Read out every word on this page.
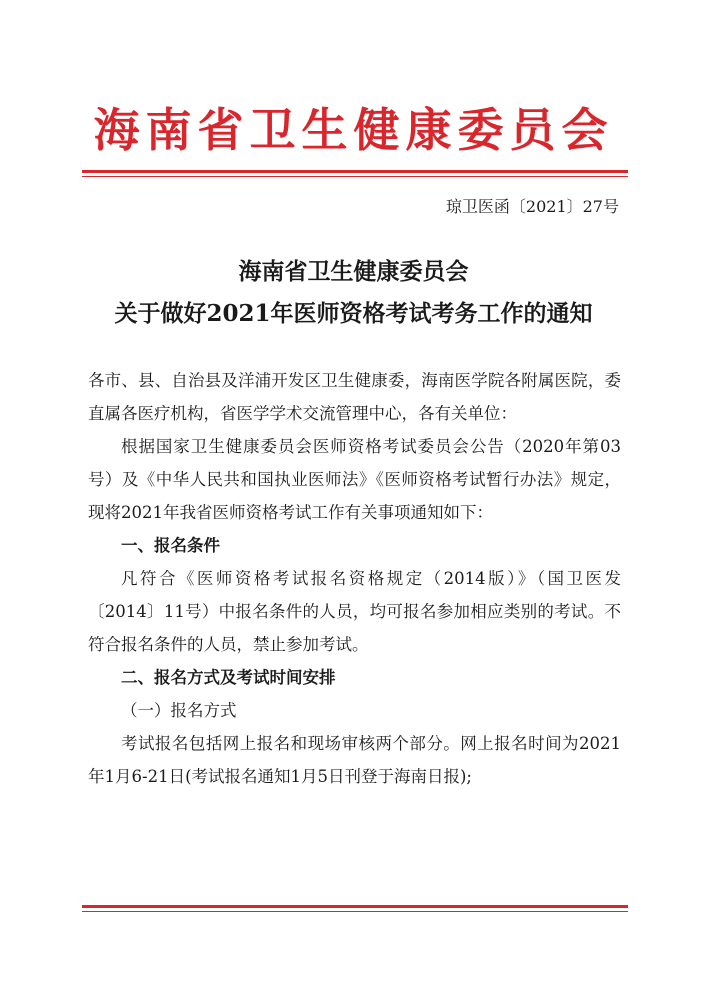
海南省卫生健康委员会
琼卫医函〔2021〕27号
海南省卫生健康委员会
关于做好2021年医师资格考试考务工作的通知

各市、县、自治县及洋浦开发区卫生健康委，海南医学院各附属医院，委直属各医疗机构，省医学学术交流管理中心，各有关单位：

根据国家卫生健康委员会医师资格考试委员会公告（2020年第03号）及《中华人民共和国执业医师法》《医师资格考试暂行办法》规定，现将2021年我省医师资格考试工作有关事项通知如下：

一、报名条件

凡符合《医师资格考试报名资格规定（2014版）》（国卫医发〔2014〕11号）中报名条件的人员，均可报名参加相应类别的考试。不符合报名条件的人员，禁止参加考试。

二、报名方式及考试时间安排

（一）报名方式

考试报名包括网上报名和现场审核两个部分。网上报名时间为2021年1月6-21日(考试报名通知1月5日刊登于海南日报);
